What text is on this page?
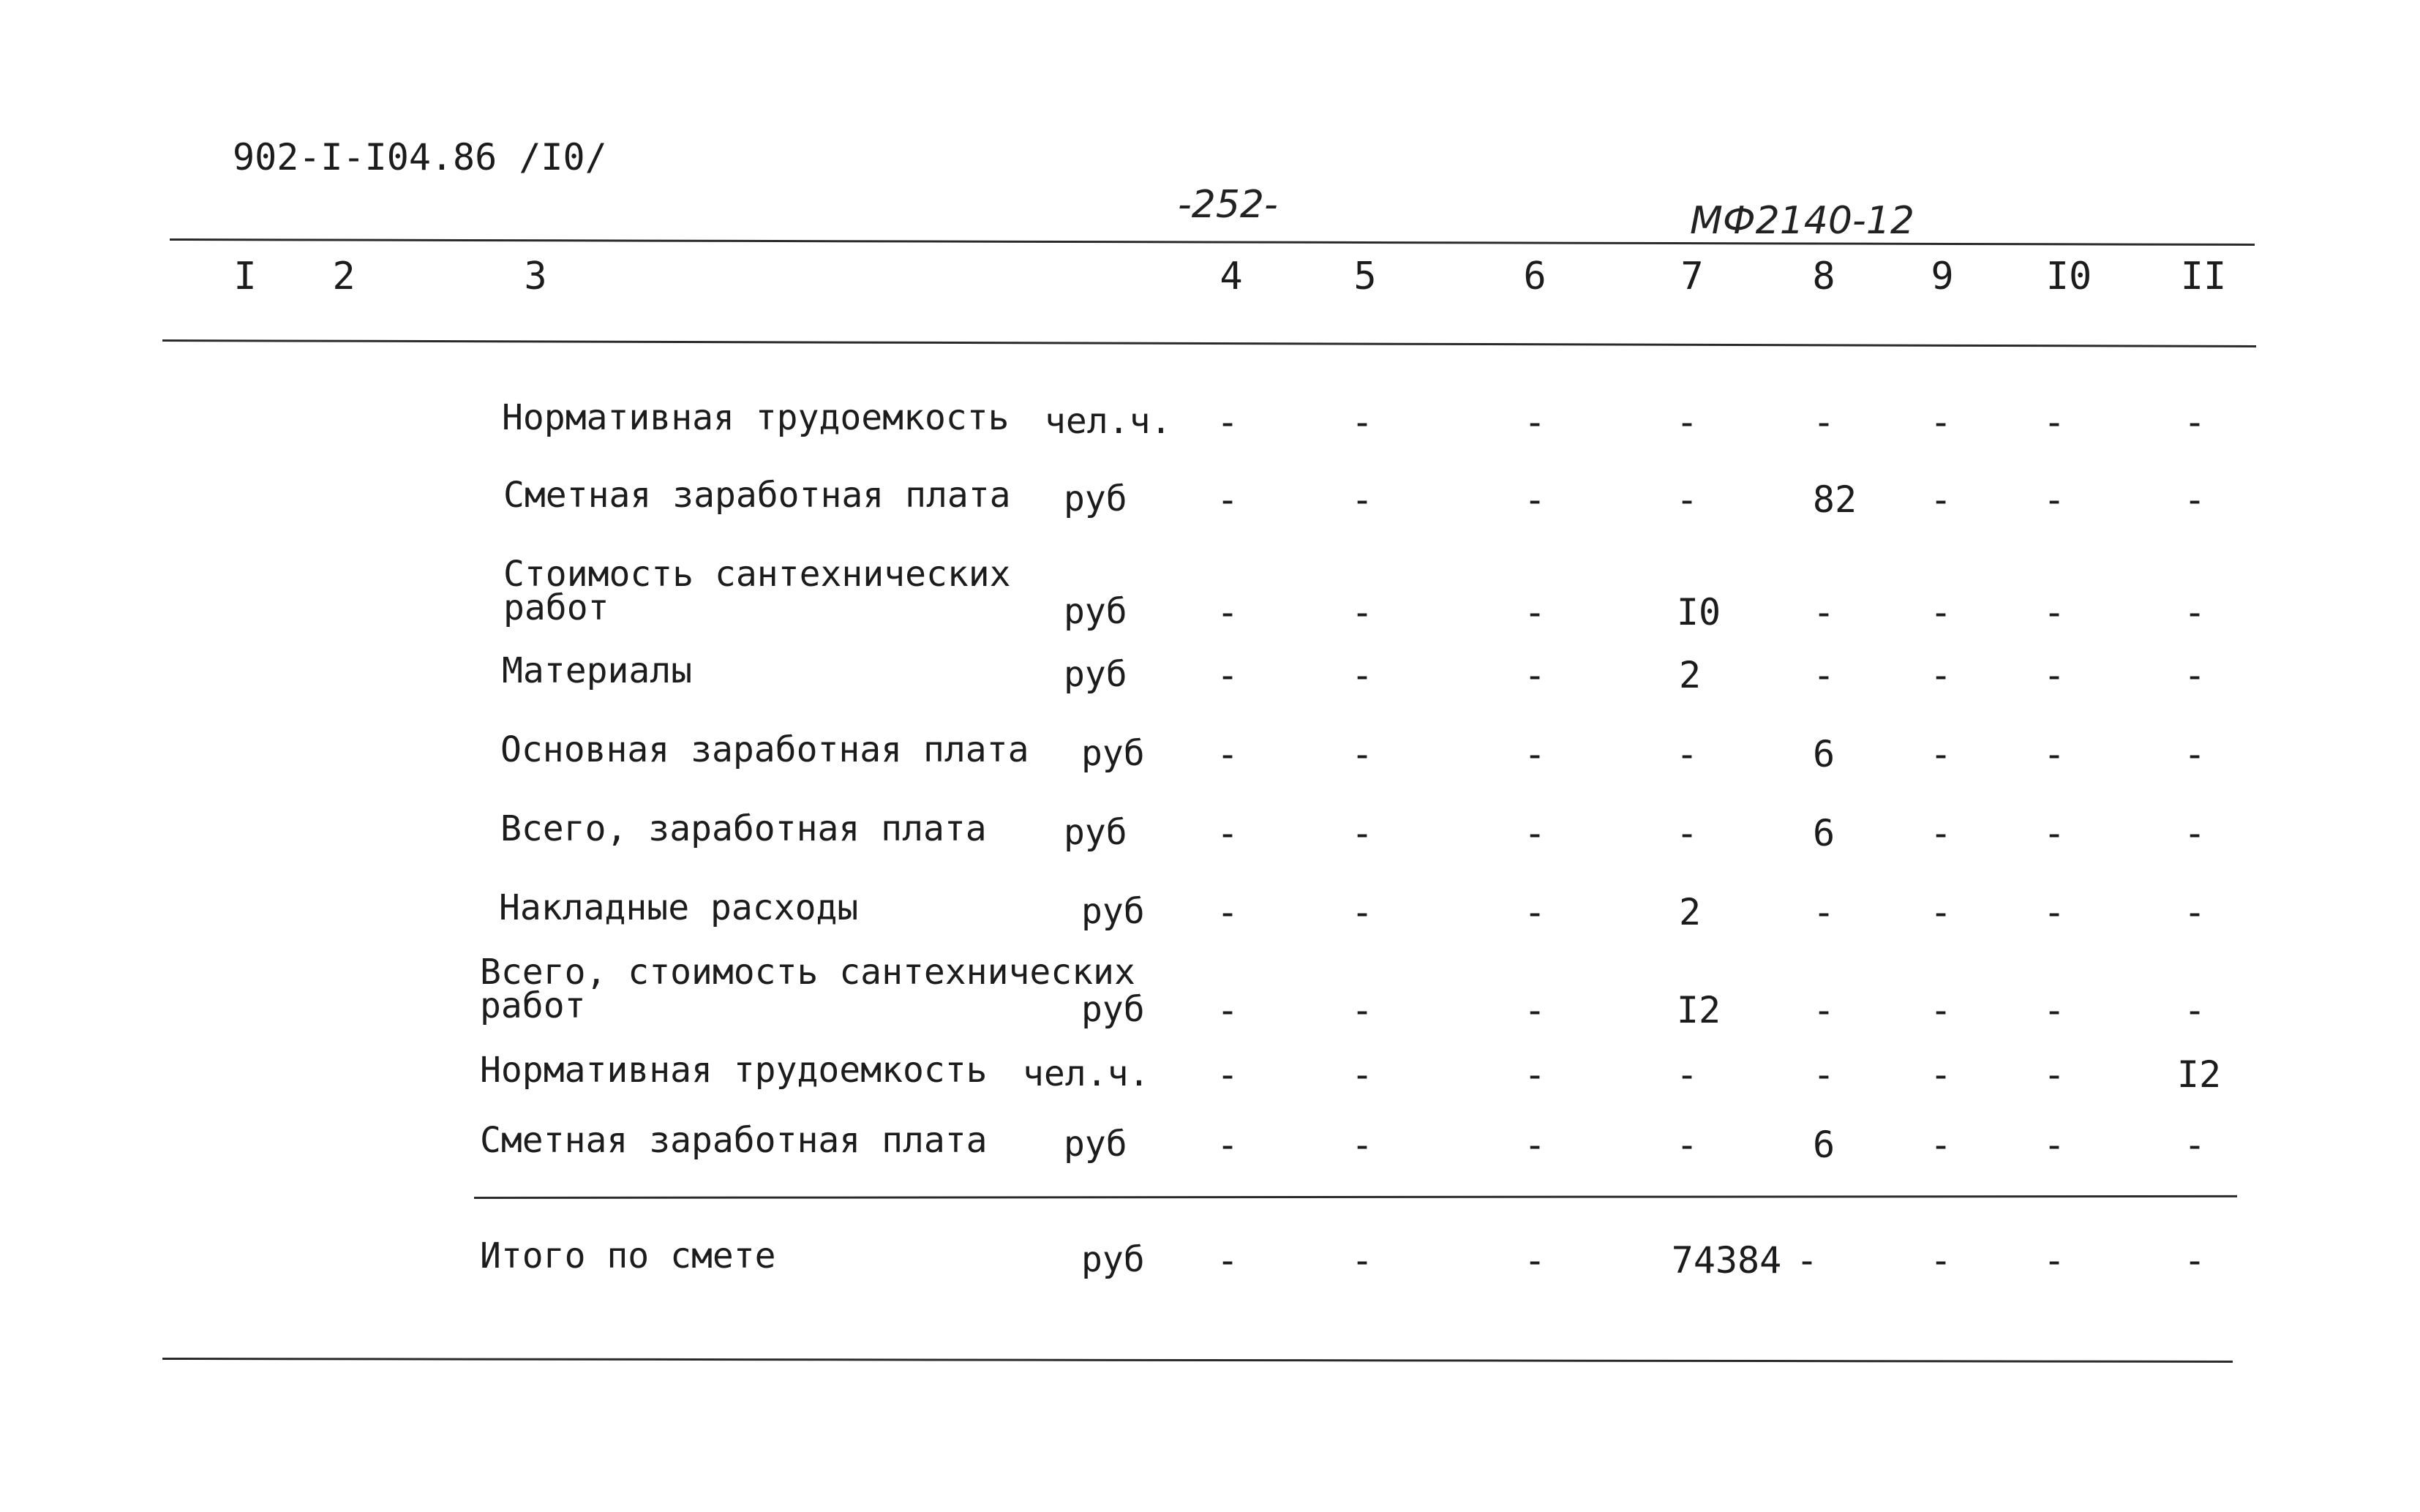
902-I-I04.86 /I0/
-252-	МФ2140-12
I 2	3	4	5	6	7	8	9 I0 II
Нормативная трудоемкость чел.ч. -	-	-	-	-	- -	-
Сметная заработная плата руб -	-	-	-	82 - -	-
Стоимость сантехнических
работ	руб -	-	-	I0	-	- -	-
Материалы	руб -	-	-	2	-	- -	-
Основная заработная плата руб -	-	-	-	6	- -	-
Всего, заработная плата руб -	-	-	-	6	- -	-
Накладные расходы	руб -	-	-	2	-	- -	-
Всего, стоимость сантехнических
работ	руб -	-	-	I2	-	- -	-
Нормативная трудоемкость чел.ч. -	-	-	-	-	- -	I2
Сметная заработная плата руб -	-	-	-	6	- -	-
Итого по смете	руб -	-	-	74384 -	- -	-
